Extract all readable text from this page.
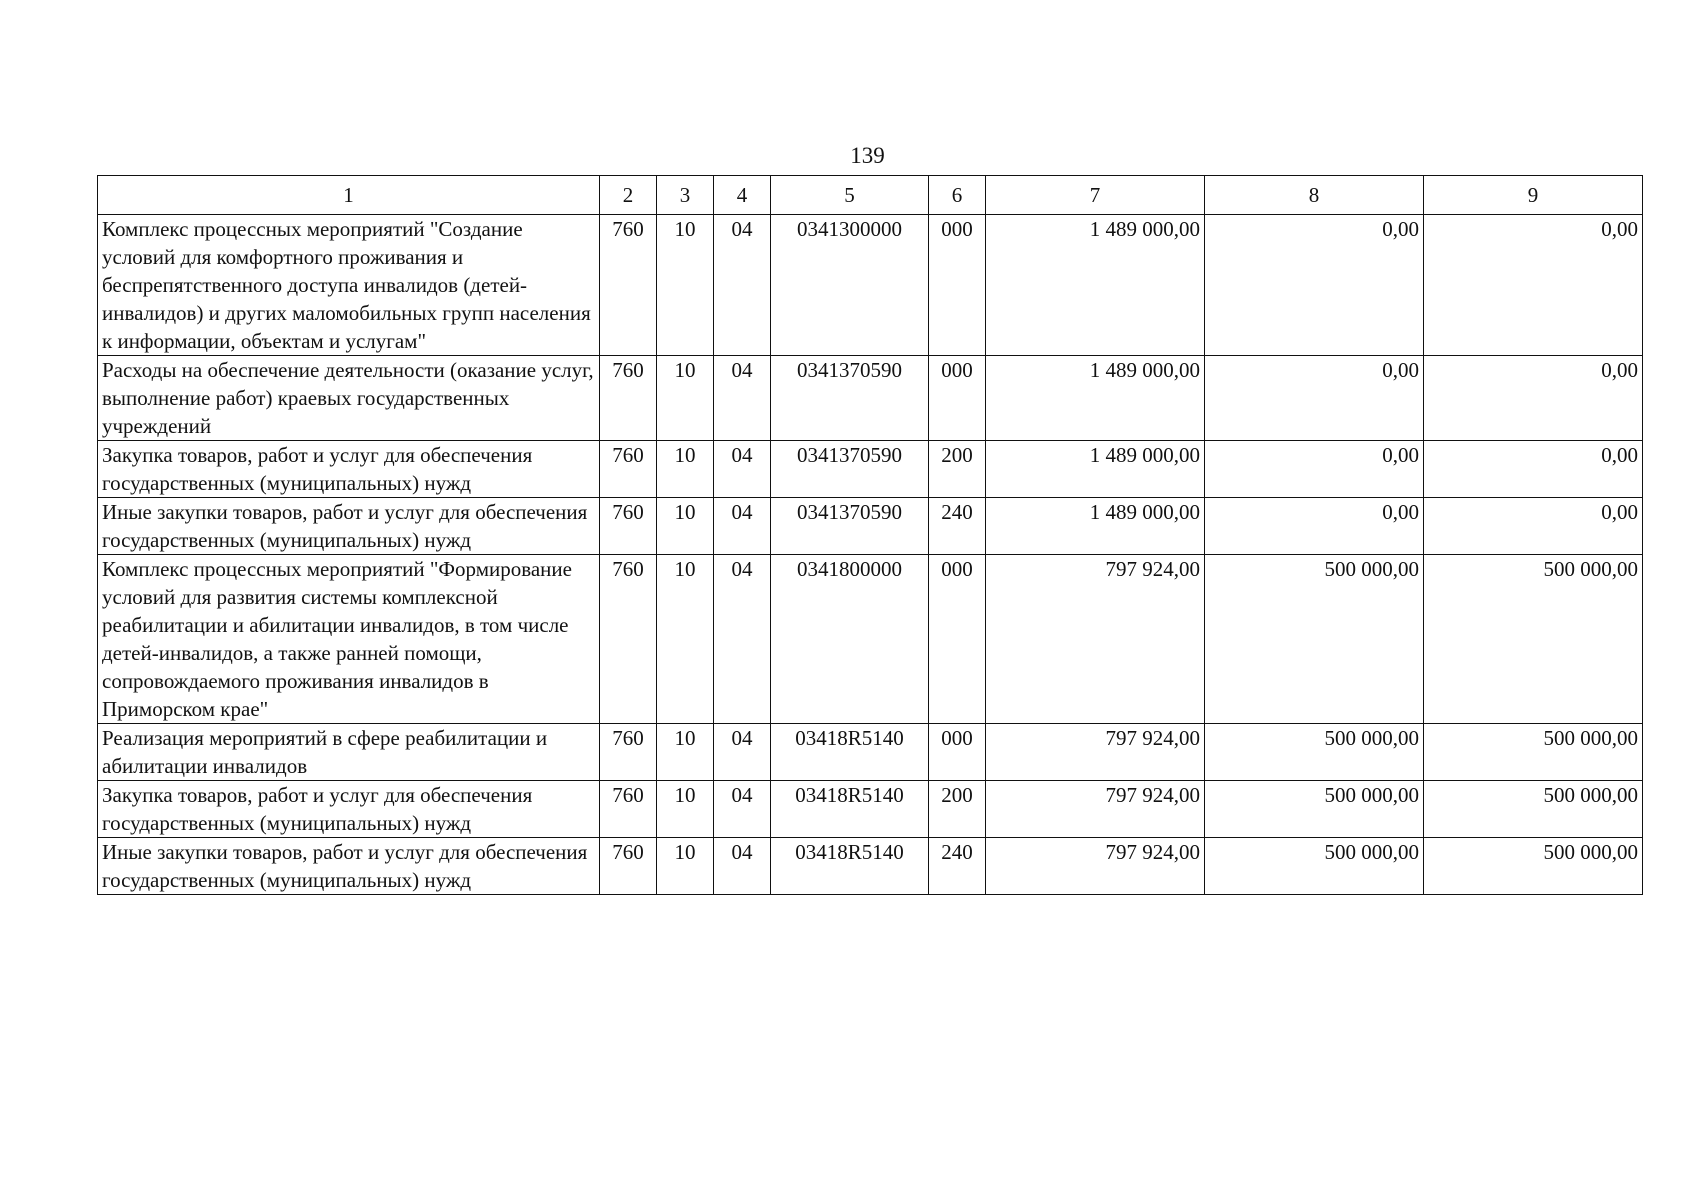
139
1	2	3	4	5	6	7	8	9
Комплекс процессных мероприятий "Создание условий для комфортного проживания и беспрепятственного доступа инвалидов (детей-инвалидов) и других маломобильных групп населения к информации, объектам и услугам"	760	10	04	0341300000	000	1 489 000,00	0,00	0,00
Расходы на обеспечение деятельности (оказание услуг, выполнение работ) краевых государственных учреждений	760	10	04	0341370590	000	1 489 000,00	0,00	0,00
Закупка товаров, работ и услуг для обеспечения государственных (муниципальных) нужд	760	10	04	0341370590	200	1 489 000,00	0,00	0,00
Иные закупки товаров, работ и услуг для обеспечения государственных (муниципальных) нужд	760	10	04	0341370590	240	1 489 000,00	0,00	0,00
Комплекс процессных мероприятий "Формирование условий для развития системы комплексной реабилитации и абилитации инвалидов, в том числе детей-инвалидов, а также ранней помощи, сопровождаемого проживания инвалидов в Приморском крае"	760	10	04	0341800000	000	797 924,00	500 000,00	500 000,00
Реализация мероприятий в сфере реабилитации и абилитации инвалидов	760	10	04	03418R5140	000	797 924,00	500 000,00	500 000,00
Закупка товаров, работ и услуг для обеспечения государственных (муниципальных) нужд	760	10	04	03418R5140	200	797 924,00	500 000,00	500 000,00
Иные закупки товаров, работ и услуг для обеспечения государственных (муниципальных) нужд	760	10	04	03418R5140	240	797 924,00	500 000,00	500 000,00
